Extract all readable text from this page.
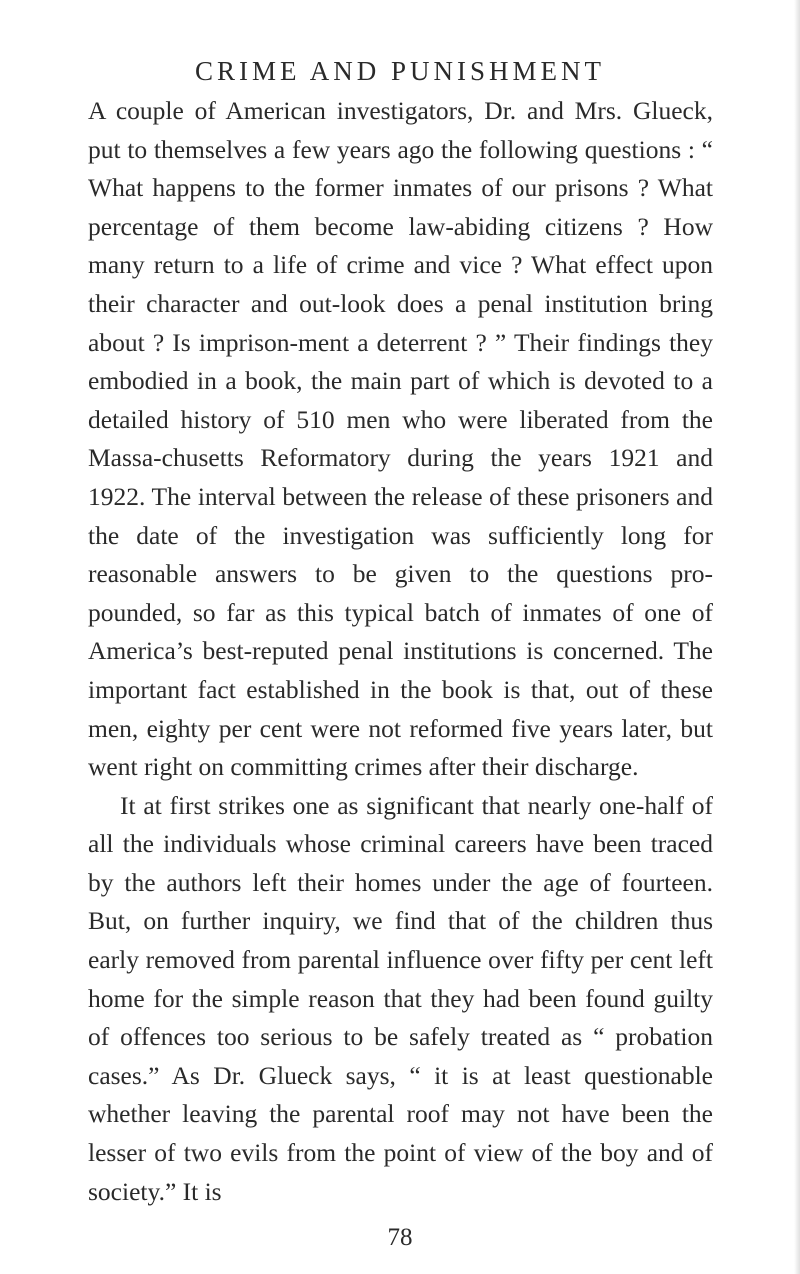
CRIME AND PUNISHMENT

A couple of American investigators, Dr. and Mrs. Glueck, put to themselves a few years ago the following questions : “ What happens to the former inmates of our prisons ? What percentage of them become law-abiding citizens ? How many return to a life of crime and vice ? What effect upon their character and out-look does a penal institution bring about ? Is imprison-ment a deterrent ? ” Their findings they embodied in a book, the main part of which is devoted to a detailed history of 510 men who were liberated from the Massa-chusetts Reformatory during the years 1921 and 1922. The interval between the release of these prisoners and the date of the investigation was sufficiently long for reasonable answers to be given to the questions pro-pounded, so far as this typical batch of inmates of one of America’s best-reputed penal institutions is concerned. The important fact established in the book is that, out of these men, eighty per cent were not reformed five years later, but went right on committing crimes after their discharge.

It at first strikes one as significant that nearly one-half of all the individuals whose criminal careers have been traced by the authors left their homes under the age of fourteen. But, on further inquiry, we find that of the children thus early removed from parental influence over fifty per cent left home for the simple reason that they had been found guilty of offences too serious to be safely treated as “ probation cases.” As Dr. Glueck says, “ it is at least questionable whether leaving the parental roof may not have been the lesser of two evils from the point of view of the boy and of society.” It is

78
